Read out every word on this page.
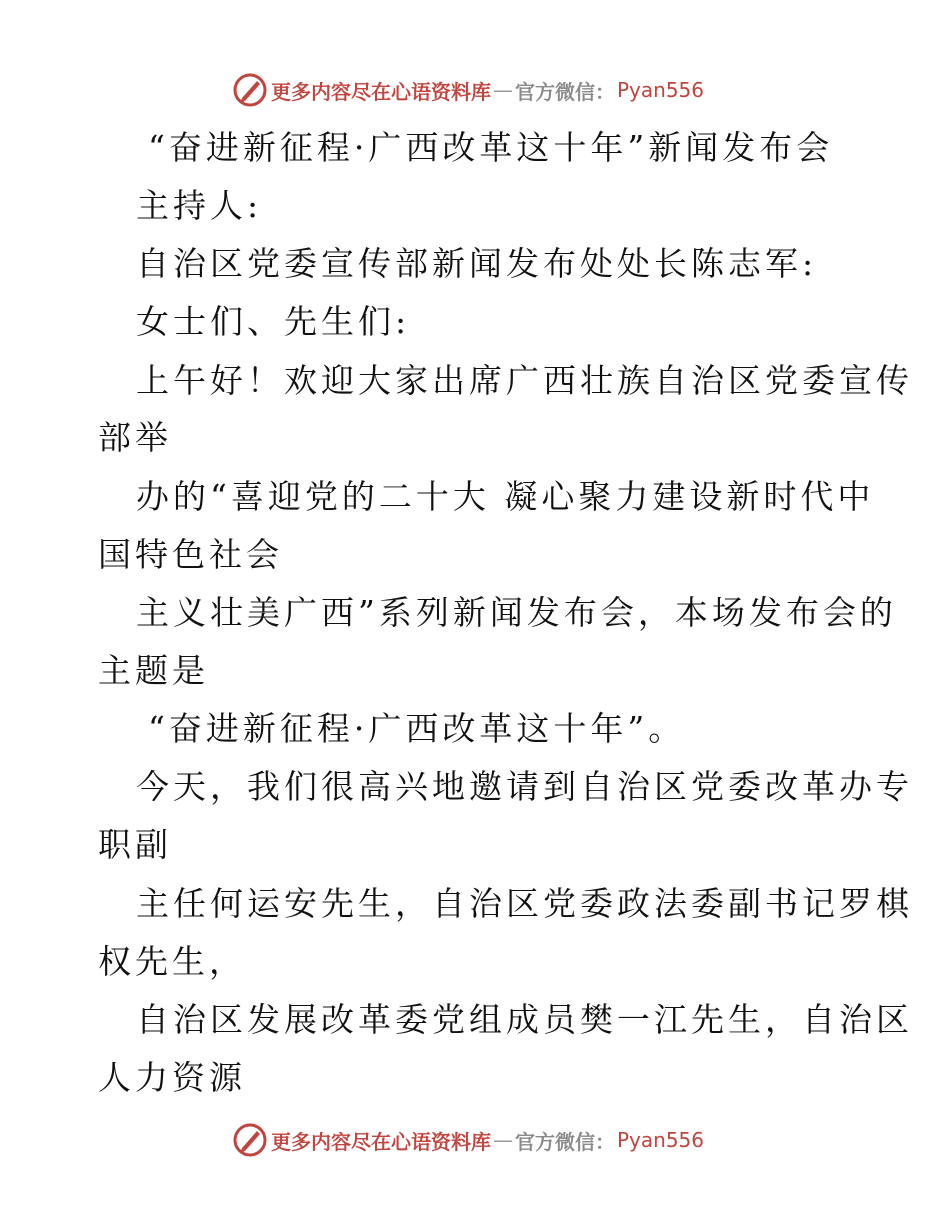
更多内容尽在心语资料库 — 官方微信： Pyan556
“奋进新征程·广西改革这十年”新闻发布会
主持人:
自治区党委宣传部新闻发布处处长陈志军:
女士们、先生们:
上午好！欢迎大家出席广西壮族自治区党委宣传
部举
办的“喜迎党的二十大 凝心聚力建设新时代中
国特色社会
主义壮美广西”系列新闻发布会，本场发布会的
主题是
“奋进新征程·广西改革这十年”。
今天，我们很高兴地邀请到自治区党委改革办专
职副
主任何运安先生，自治区党委政法委副书记罗棋
权先生，
自治区发展改革委党组成员樊一江先生，自治区
人力资源
更多内容尽在心语资料库 — 官方微信： Pyan556
